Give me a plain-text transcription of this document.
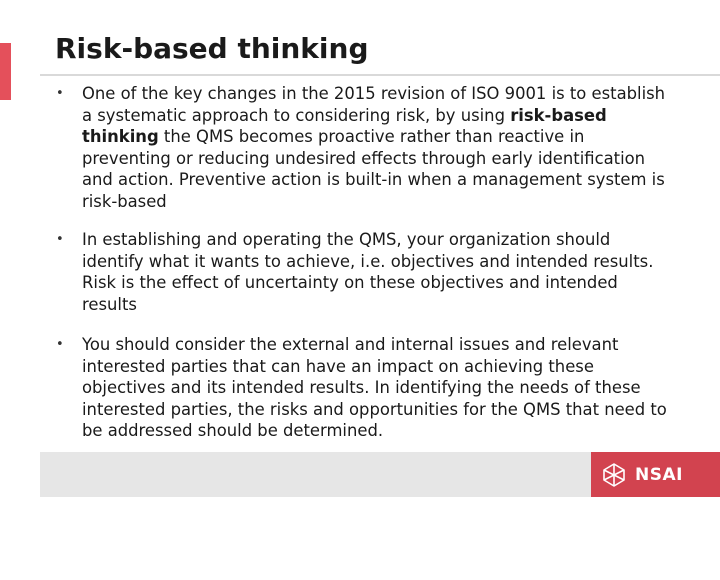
Risk-based thinking
• One of the key changes in the 2015 revision of ISO 9001 is to establish a systematic approach to considering risk, by using risk-based thinking the QMS becomes proactive rather than reactive in preventing or reducing undesired effects through early identification and action. Preventive action is built-in when a management system is risk-based
• In establishing and operating the QMS, your organization should identify what it wants to achieve, i.e. objectives and intended results. Risk is the effect of uncertainty on these objectives and intended results
• You should consider the external and internal issues and relevant interested parties that can have an impact on achieving these objectives and its intended results. In identifying the needs of these interested parties, the risks and opportunities for the QMS that need to be addressed should be determined.
NSAI
